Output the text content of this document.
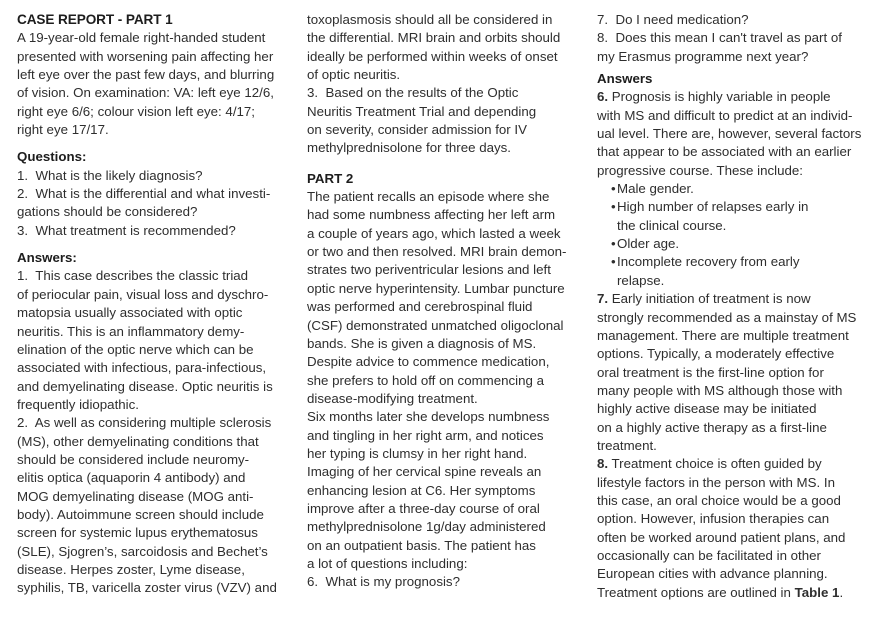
CASE REPORT - PART 1
A 19-year-old female right-handed student
presented with worsening pain affecting her
left eye over the past few days, and blurring
of vision. On examination: VA: left eye 12/6,
right eye 6/6; colour vision left eye: 4/17;
right eye 17/17.
Questions:
1.  What is the likely diagnosis?
2.  What is the differential and what investi-
gations should be considered?
3.  What treatment is recommended?
Answers:
1.  This case describes the classic triad
of periocular pain, visual loss and dyschro-
matopsia usually associated with optic
neuritis. This is an inflammatory demy-
elination of the optic nerve which can be
associated with infectious, para-infectious,
and demyelinating disease. Optic neuritis is
frequently idiopathic.
2.  As well as considering multiple sclerosis
(MS), other demyelinating conditions that
should be considered include neuromy-
elitis optica (aquaporin 4 antibody) and
MOG demyelinating disease (MOG anti-
body). Autoimmune screen should include
screen for systemic lupus erythematosus
(SLE), Sjogren’s, sarcoidosis and Bechet’s
disease. Herpes zoster, Lyme disease,
syphilis, TB, varicella zoster virus (VZV) and
toxoplasmosis should all be considered in
the differential. MRI brain and orbits should
ideally be performed within weeks of onset
of optic neuritis.
3.  Based on the results of the Optic
Neuritis Treatment Trial and depending
on severity, consider admission for IV
methylprednisolone for three days.
PART 2
The patient recalls an episode where she
had some numbness affecting her left arm
a couple of years ago, which lasted a week
or two and then resolved. MRI brain demon-
strates two periventricular lesions and left
optic nerve hyperintensity. Lumbar puncture
was performed and cerebrospinal fluid
(CSF) demonstrated unmatched oligoclonal
bands. She is given a diagnosis of MS.
Despite advice to commence medication,
she prefers to hold off on commencing a
disease-modifying treatment.
Six months later she develops numbness
and tingling in her right arm, and notices
her typing is clumsy in her right hand.
Imaging of her cervical spine reveals an
enhancing lesion at C6. Her symptoms
improve after a three-day course of oral
methylprednisolone 1g/day administered
on an outpatient basis. The patient has
a lot of questions including:
6.  What is my prognosis?
7.  Do I need medication?
8.  Does this mean I can't travel as part of
my Erasmus programme next year?
Answers
6. Prognosis is highly variable in people
with MS and difficult to predict at an individ-
ual level. There are, however, several factors
that appear to be associated with an earlier
progressive course. These include:
• Male gender.
• High number of relapses early in
the clinical course.
• Older age.
• Incomplete recovery from early
relapse.
7. Early initiation of treatment is now
strongly recommended as a mainstay of MS
management. There are multiple treatment
options. Typically, a moderately effective
oral treatment is the first-line option for
many people with MS although those with
highly active disease may be initiated
on a highly active therapy as a first-line
treatment.
8. Treatment choice is often guided by
lifestyle factors in the person with MS. In
this case, an oral choice would be a good
option. However, infusion therapies can
often be worked around patient plans, and
occasionally can be facilitated in other
European cities with advance planning.
Treatment options are outlined in Table 1.
